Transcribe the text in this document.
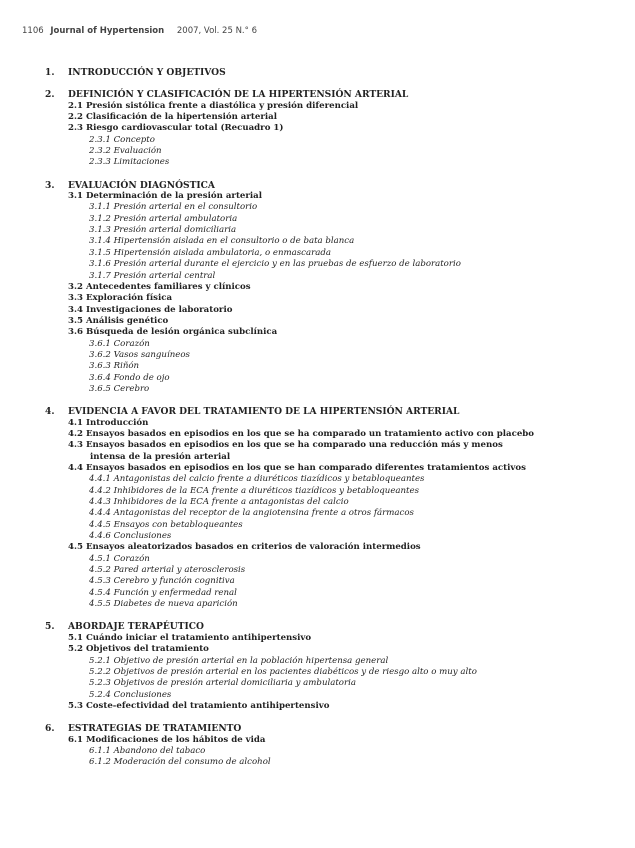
1106 Journal of Hypertension 2007, Vol. 25 N.° 6
1. INTRODUCCIÓN Y OBJETIVOS
2. DEFINICIÓN Y CLASIFICACIÓN DE LA HIPERTENSIÓN ARTERIAL
2.1 Presión sistólica frente a diastólica y presión diferencial
2.2 Clasificación de la hipertensión arterial
2.3 Riesgo cardiovascular total (Recuadro 1)
2.3.1 Concepto
2.3.2 Evaluación
2.3.3 Limitaciones
3. EVALUACIÓN DIAGNÓSTICA
3.1 Determinación de la presión arterial
3.1.1 Presión arterial en el consultorio
3.1.2 Presión arterial ambulatoria
3.1.3 Presión arterial domiciliaria
3.1.4 Hipertensión aislada en el consultorio o de bata blanca
3.1.5 Hipertensión aislada ambulatoria, o enmascarada
3.1.6 Presión arterial durante el ejercicio y en las pruebas de esfuerzo de laboratorio
3.1.7 Presión arterial central
3.2 Antecedentes familiares y clínicos
3.3 Exploración física
3.4 Investigaciones de laboratorio
3.5 Análisis genético
3.6 Búsqueda de lesión orgánica subclínica
3.6.1 Corazón
3.6.2 Vasos sanguíneos
3.6.3 Riñón
3.6.4 Fondo de ojo
3.6.5 Cerebro
4. EVIDENCIA A FAVOR DEL TRATAMIENTO DE LA HIPERTENSIÓN ARTERIAL
4.1 Introducción
4.2 Ensayos basados en episodios en los que se ha comparado un tratamiento activo con placebo
4.3 Ensayos basados en episodios en los que se ha comparado una reducción más y menos
intensa de la presión arterial
4.4 Ensayos basados en episodios en los que se han comparado diferentes tratamientos activos
4.4.1 Antagonistas del calcio frente a diuréticos tiazídicos y betabloqueantes
4.4.2 Inhibidores de la ECA frente a diuréticos tiazídicos y betabloqueantes
4.4.3 Inhibidores de la ECA frente a antagonistas del calcio
4.4.4 Antagonistas del receptor de la angiotensina frente a otros fármacos
4.4.5 Ensayos con betabloqueantes
4.4.6 Conclusiones
4.5 Ensayos aleatorizados basados en criterios de valoración intermedios
4.5.1 Corazón
4.5.2 Pared arterial y aterosclerosis
4.5.3 Cerebro y función cognitiva
4.5.4 Función y enfermedad renal
4.5.5 Diabetes de nueva aparición
5. ABORDAJE TERAPÉUTICO
5.1 Cuándo iniciar el tratamiento antihipertensivo
5.2 Objetivos del tratamiento
5.2.1 Objetivo de presión arterial en la población hipertensa general
5.2.2 Objetivos de presión arterial en los pacientes diabéticos y de riesgo alto o muy alto
5.2.3 Objetivos de presión arterial domiciliaria y ambulatoria
5.2.4 Conclusiones
5.3 Coste-efectividad del tratamiento antihipertensivo
6. ESTRATEGIAS DE TRATAMIENTO
6.1 Modificaciones de los hábitos de vida
6.1.1 Abandono del tabaco
6.1.2 Moderación del consumo de alcohol
